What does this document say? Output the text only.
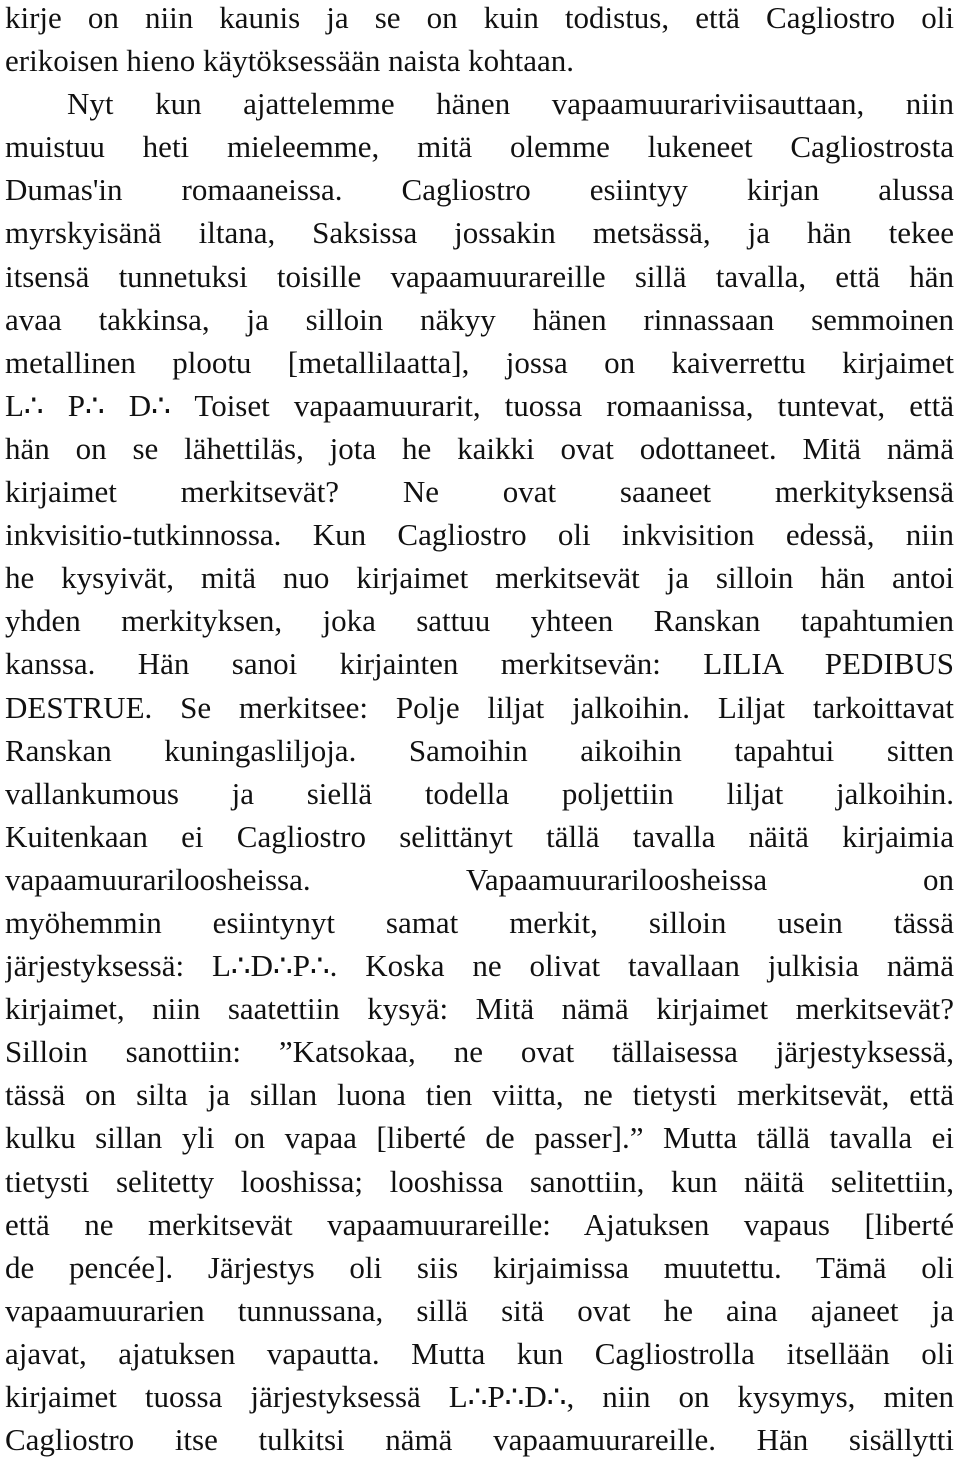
kirje on niin kaunis ja se on kuin todistus, että Cagliostro oli
erikoisen hieno käytöksessään naista kohtaan.
Nyt kun ajattelemme hänen vapaamuurariviisauttaan, niin
muistuu heti mieleemme, mitä olemme lukeneet Cagliostrosta
Dumas'in romaaneissa. Cagliostro esiintyy kirjan alussa
myrskyisänä iltana, Saksissa jossakin metsässä, ja hän tekee
itsensä tunnetuksi toisille vapaamuurareille sillä tavalla, että hän
avaa takkinsa, ja silloin näkyy hänen rinnassaan semmoinen
metallinen plootu [metallilaatta], jossa on kaiverrettu kirjaimet
L∴ P∴ D∴ Toiset vapaamuurarit, tuossa romaanissa, tuntevat, että
hän on se lähettiläs, jota he kaikki ovat odottaneet. Mitä nämä
kirjaimet merkitsevät? Ne ovat saaneet merkityksensä
inkvisitio-tutkinnossa. Kun Cagliostro oli inkvisition edessä, niin
he kysyivät, mitä nuo kirjaimet merkitsevät ja silloin hän antoi
yhden merkityksen, joka sattuu yhteen Ranskan tapahtumien
kanssa. Hän sanoi kirjainten merkitsevän: LILIA PEDIBUS
DESTRUE. Se merkitsee: Polje liljat jalkoihin. Liljat tarkoittavat
Ranskan kuningasliljoja. Samoihin aikoihin tapahtui sitten
vallankumous ja siellä todella poljettiin liljat jalkoihin.
Kuitenkaan ei Cagliostro selittänyt tällä tavalla näitä kirjaimia
vapaamuurariloosheissa. Vapaamuurariloosheissa on
myöhemmin esiintynyt samat merkit, silloin usein tässä
järjestyksessä: L∴D∴P∴. Koska ne olivat tavallaan julkisia nämä
kirjaimet, niin saatettiin kysyä: Mitä nämä kirjaimet merkitsevät?
Silloin sanottiin: ”Katsokaa, ne ovat tällaisessa järjestyksessä,
tässä on silta ja sillan luona tien viitta, ne tietysti merkitsevät, että
kulku sillan yli on vapaa [liberté de passer].” Mutta tällä tavalla ei
tietysti selitetty looshissa; looshissa sanottiin, kun näitä selitettiin,
että ne merkitsevät vapaamuurareille: Ajatuksen vapaus [liberté
de pencée]. Järjestys oli siis kirjaimissa muutettu. Tämä oli
vapaamuurarien tunnussana, sillä sitä ovat he aina ajaneet ja
ajavat, ajatuksen vapautta. Mutta kun Cagliostrolla itsellään oli
kirjaimet tuossa järjestyksessä L∴P∴D∴, niin on kysymys, miten
Cagliostro itse tulkitsi nämä vapaamuurareille. Hän sisällytti
